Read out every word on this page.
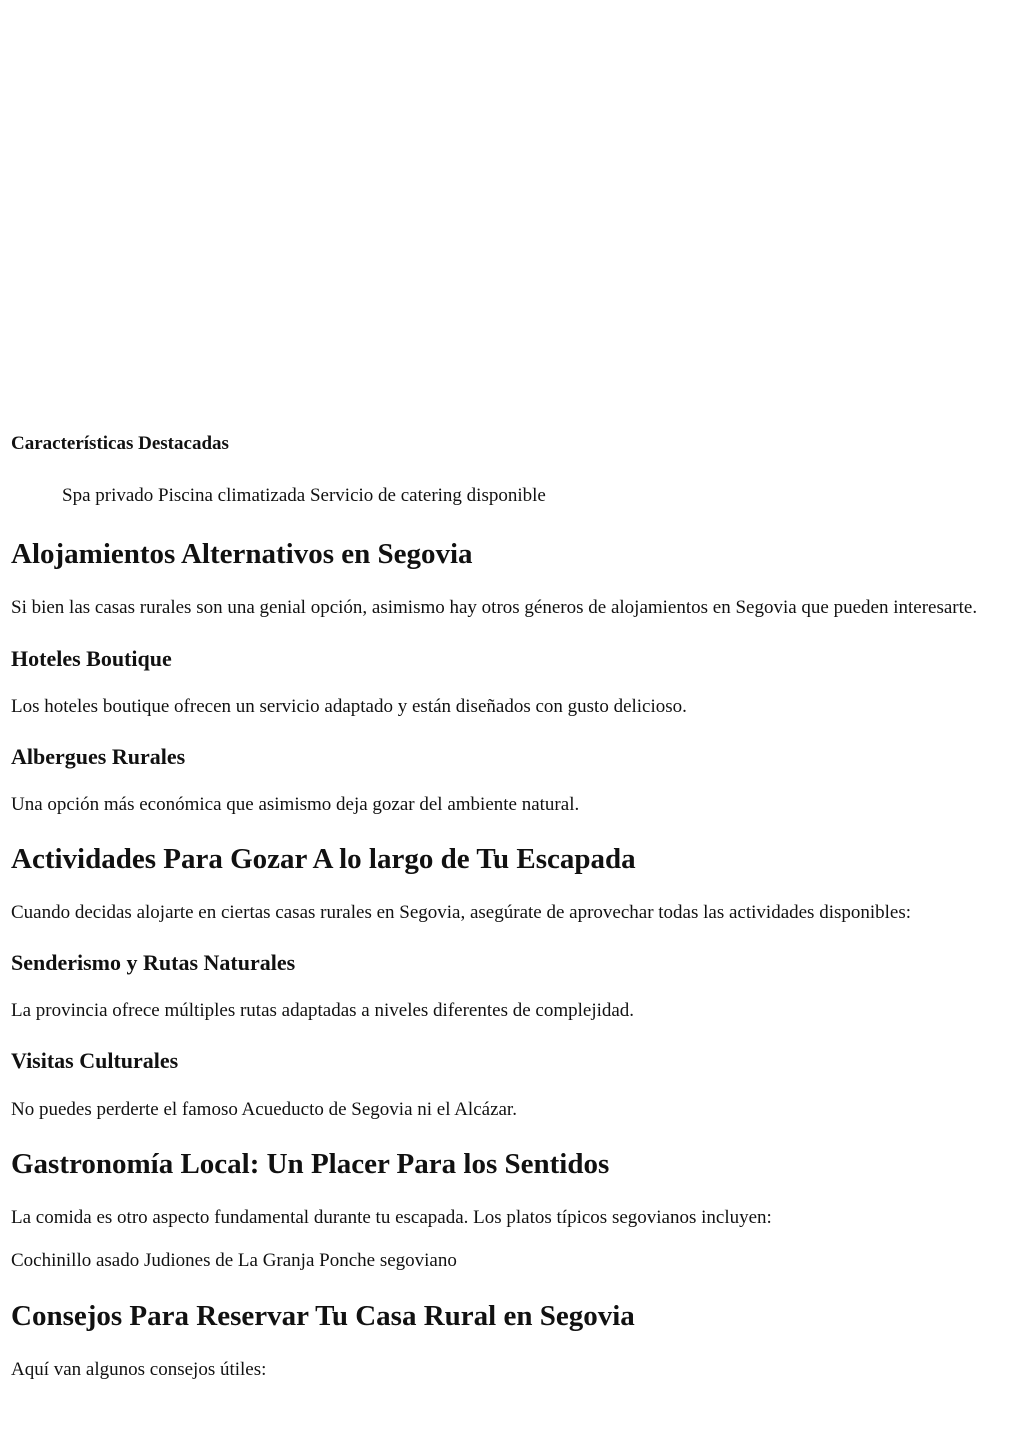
Características Destacadas
Spa privado Piscina climatizada Servicio de catering disponible
Alojamientos Alternativos en Segovia

Si bien las casas rurales son una genial opción, asimismo hay otros géneros de alojamientos en Segovia que pueden interesarte.

Hoteles Boutique

Los hoteles boutique ofrecen un servicio adaptado y están diseñados con gusto delicioso.

Albergues Rurales

Una opción más económica que asimismo deja gozar del ambiente natural.

Actividades Para Gozar A lo largo de Tu Escapada

Cuando decidas alojarte en ciertas casas rurales en Segovia, asegúrate de aprovechar todas las actividades disponibles:

Senderismo y Rutas Naturales

La provincia ofrece múltiples rutas adaptadas a niveles diferentes de complejidad.

Visitas Culturales

No puedes perderte el famoso Acueducto de Segovia ni el Alcázar.

Gastronomía Local: Un Placer Para los Sentidos

La comida es otro aspecto fundamental durante tu escapada. Los platos típicos segovianos incluyen:

Cochinillo asado Judiones de La Granja Ponche segoviano

Consejos Para Reservar Tu Casa Rural en Segovia

Aquí van algunos consejos útiles:
